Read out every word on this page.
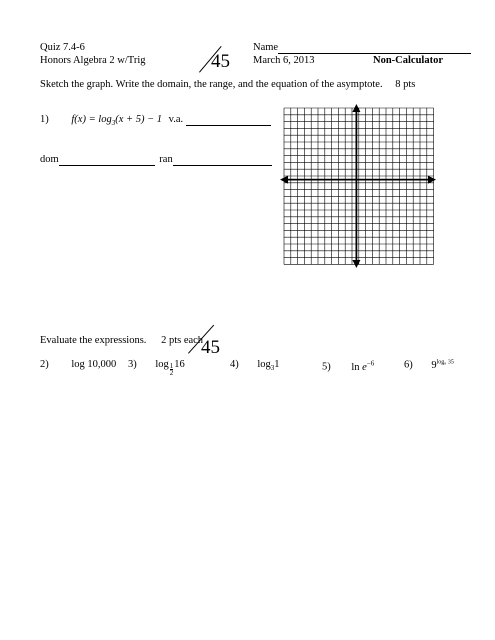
Quiz 7.4-6
Honors Algebra 2 w/Trig	45
Name
March 6, 2013	Non-Calculator
Sketch the graph. Write the domain, the range, and the equation of the asymptote. 8 pts
1) $f(x) = \log_3(x + 5) - 1$ v.a.
dom	ran
Evaluate the expressions. 2 pts each
45
2) log 10,000 3) $\log \frac{1}{2} 16$	4) $\log_31$	5) $\ln e^{-6}$	6) $9^{log_9 35}$
